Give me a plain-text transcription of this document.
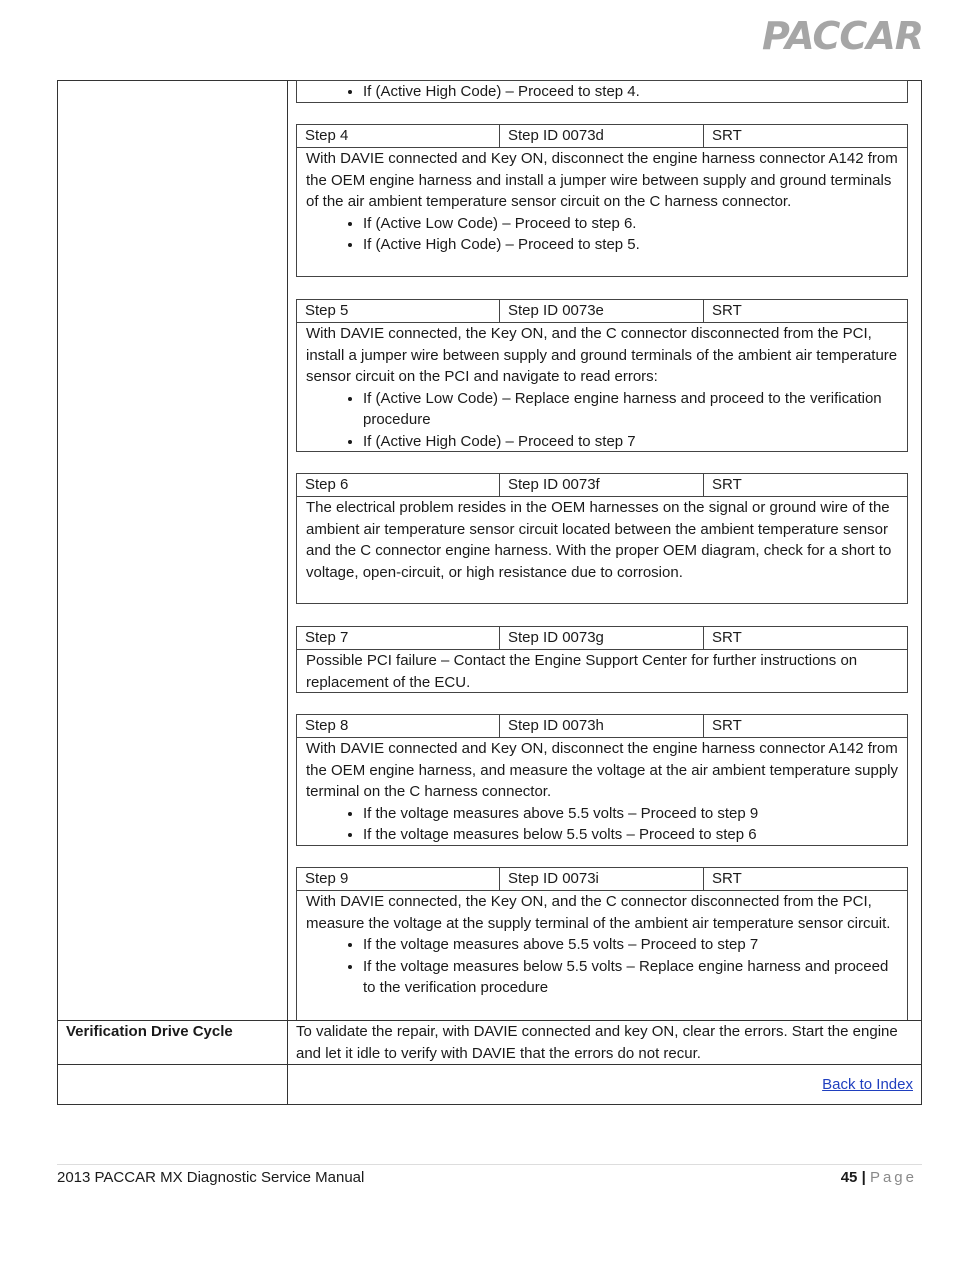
PACCAR
• If (Active High Code) – Proceed to step 4.
Step 4	Step ID 0073d	SRT
With DAVIE connected and Key ON, disconnect the engine harness connector A142 from the OEM engine harness and install a jumper wire between supply and ground terminals of the air ambient temperature sensor circuit on the C harness connector.
• If (Active Low Code) – Proceed to step 6.
• If (Active High Code) – Proceed to step 5.
Step 5	Step ID 0073e	SRT
With DAVIE connected, the Key ON, and the C connector disconnected from the PCI, install a jumper wire between supply and ground terminals of the ambient air temperature sensor circuit on the PCI and navigate to read errors:
• If (Active Low Code) – Replace engine harness and proceed to the verification procedure
• If (Active High Code) – Proceed to step 7
Step 6	Step ID 0073f	SRT
The electrical problem resides in the OEM harnesses on the signal or ground wire of the ambient air temperature sensor circuit located between the ambient temperature sensor and the C connector engine harness. With the proper OEM diagram, check for a short to voltage, open-circuit, or high resistance due to corrosion.
Step 7	Step ID 0073g	SRT
Possible PCI failure – Contact the Engine Support Center for further instructions on replacement of the ECU.
Step 8	Step ID 0073h	SRT
With DAVIE connected and Key ON, disconnect the engine harness connector A142 from the OEM engine harness, and measure the voltage at the air ambient temperature supply terminal on the C harness connector.
• If the voltage measures above 5.5 volts – Proceed to step 9
• If the voltage measures below 5.5 volts – Proceed to step 6
Step 9	Step ID 0073i	SRT
With DAVIE connected, the Key ON, and the C connector disconnected from the PCI, measure the voltage at the supply terminal of the ambient air temperature sensor circuit.
• If the voltage measures above 5.5 volts – Proceed to step 7
• If the voltage measures below 5.5 volts – Replace engine harness and proceed to the verification procedure
Verification Drive Cycle	To validate the repair, with DAVIE connected and key ON, clear the errors. Start the engine and let it idle to verify with DAVIE that the errors do not recur.
Back to Index
2013 PACCAR MX Diagnostic Service Manual	45 | Page
